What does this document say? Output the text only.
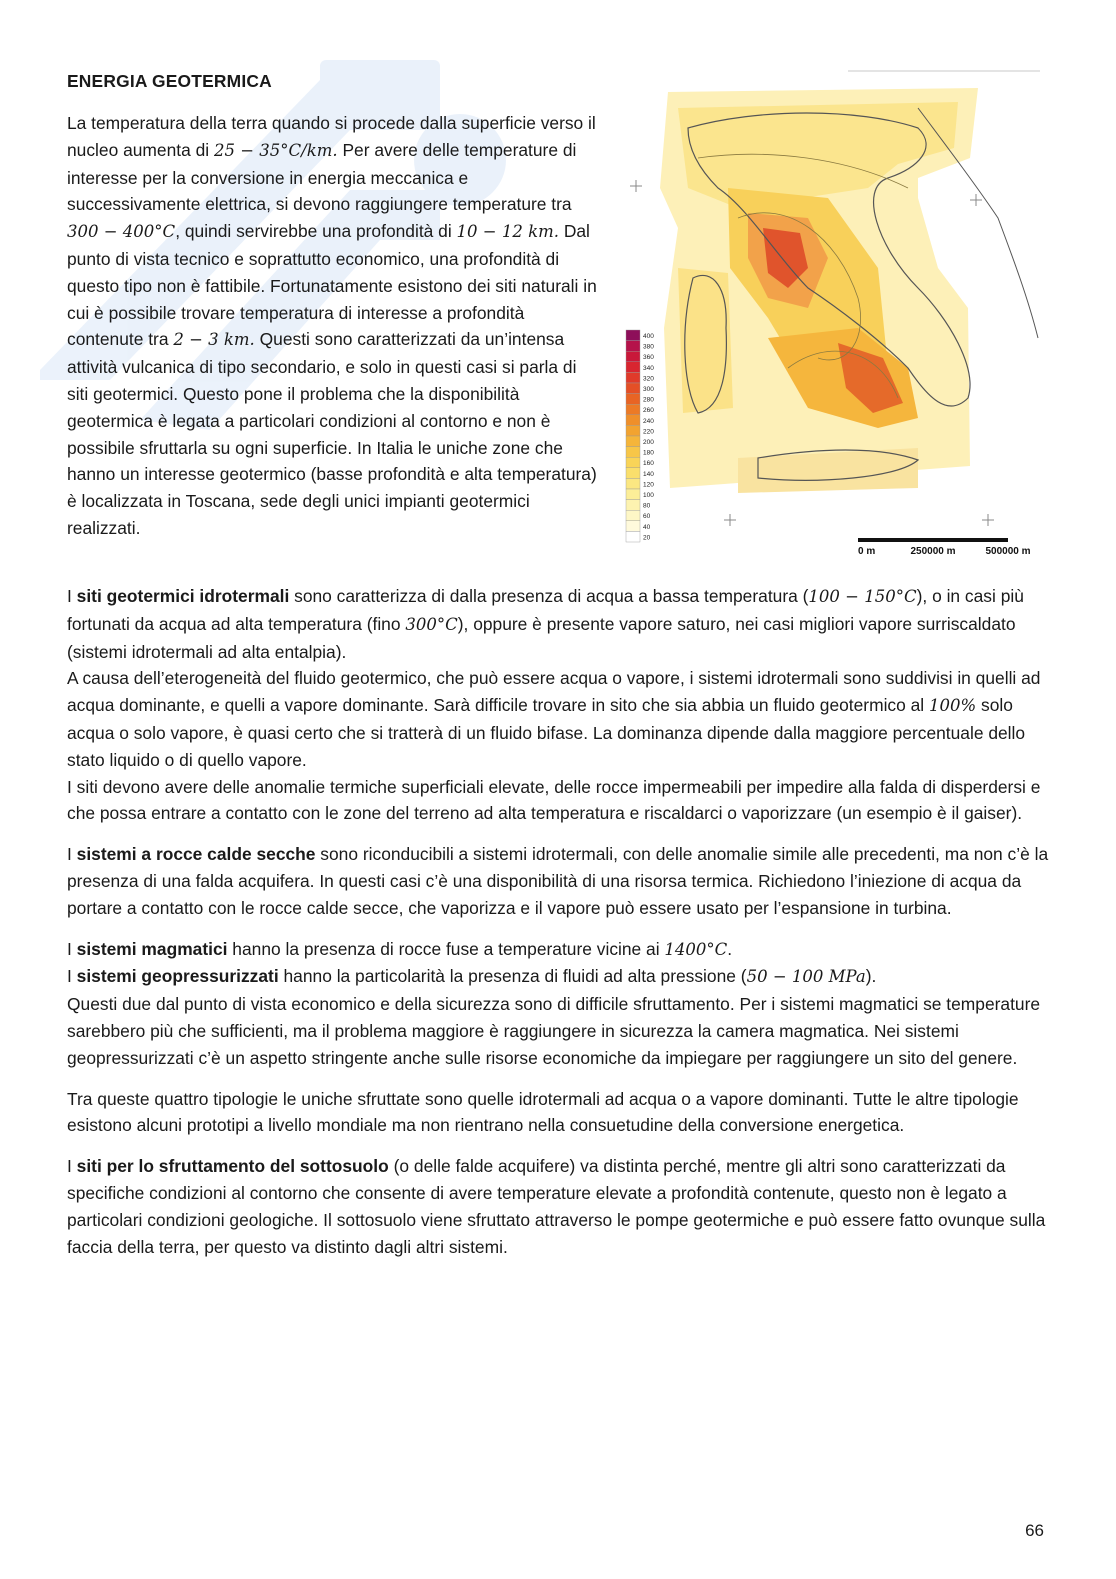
ENERGIA GEOTERMICA

La temperatura della terra quando si procede dalla superficie verso il nucleo aumenta di 25 − 35°C/km. Per avere delle temperature di interesse per la conversione in energia meccanica e successivamente elettrica, si devono raggiungere temperature tra 300 − 400°C, quindi servirebbe una profondità di 10 − 12 km. Dal punto di vista tecnico e soprattutto economico, una profondità di questo tipo non è fattibile. Fortunatamente esistono dei siti naturali in cui è possibile trovare temperatura di interesse a profondità contenute tra 2 − 3 km. Questi sono caratterizzati da un’intensa attività vulcanica di tipo secondario, e solo in questi casi si parla di siti geotermici. Questo pone il problema che la disponibilità geotermica è legata a particolari condizioni al contorno e non è possibile sfruttarla su ogni superficie. In Italia le uniche zone che hanno un interesse geotermico (basse profondità e alta temperatura) è localizzata in Toscana, sede degli unici impianti geotermici realizzati.

400
380
360
340
320
300
280
260
240
220
200
180
160
140
120
100
80
60
40
20
0 m	250000 m	500000 m

I siti geotermici idrotermali sono caratterizza di dalla presenza di acqua a bassa temperatura (100 − 150°C), o in casi più fortunati da acqua ad alta temperatura (fino 300°C), oppure è presente vapore saturo, nei casi migliori vapore surriscaldato (sistemi idrotermali ad alta entalpia).
A causa dell’eterogeneità del fluido geotermico, che può essere acqua o vapore, i sistemi idrotermali sono suddivisi in quelli ad acqua dominante, e quelli a vapore dominante. Sarà difficile trovare in sito che sia abbia un fluido geotermico al 100% solo acqua o solo vapore, è quasi certo che si tratterà di un fluido bifase. La dominanza dipende dalla maggiore percentuale dello stato liquido o di quello vapore.
I siti devono avere delle anomalie termiche superficiali elevate, delle rocce impermeabili per impedire alla falda di disperdersi e che possa entrare a contatto con le zone del terreno ad alta temperatura e riscaldarci o vaporizzare (un esempio è il gaiser).

I sistemi a rocce calde secche sono riconducibili a sistemi idrotermali, con delle anomalie simile alle precedenti, ma non c’è la presenza di una falda acquifera. In questi casi c’è una disponibilità di una risorsa termica. Richiedono l’iniezione di acqua da portare a contatto con le rocce calde secce, che vaporizza e il vapore può essere usato per l’espansione in turbina.

I sistemi magmatici hanno la presenza di rocce fuse a temperature vicine ai 1400°C.
I sistemi geopressurizzati hanno la particolarità la presenza di fluidi ad alta pressione (50 − 100 MPa).
Questi due dal punto di vista economico e della sicurezza sono di difficile sfruttamento. Per i sistemi magmatici se temperature sarebbero più che sufficienti, ma il problema maggiore è raggiungere in sicurezza la camera magmatica. Nei sistemi geopressurizzati c’è un aspetto stringente anche sulle risorse economiche da impiegare per raggiungere un sito del genere.

Tra queste quattro tipologie le uniche sfruttate sono quelle idrotermali ad acqua o a vapore dominanti. Tutte le altre tipologie esistono alcuni prototipi a livello mondiale ma non rientrano nella consuetudine della conversione energetica.

I siti per lo sfruttamento del sottosuolo (o delle falde acquifere) va distinta perché, mentre gli altri sono caratterizzati da specifiche condizioni al contorno che consente di avere temperature elevate a profondità contenute, questo non è legato a particolari condizioni geologiche. Il sottosuolo viene sfruttato attraverso le pompe geotermiche e può essere fatto ovunque sulla faccia della terra, per questo va distinto dagli altri sistemi.

66
